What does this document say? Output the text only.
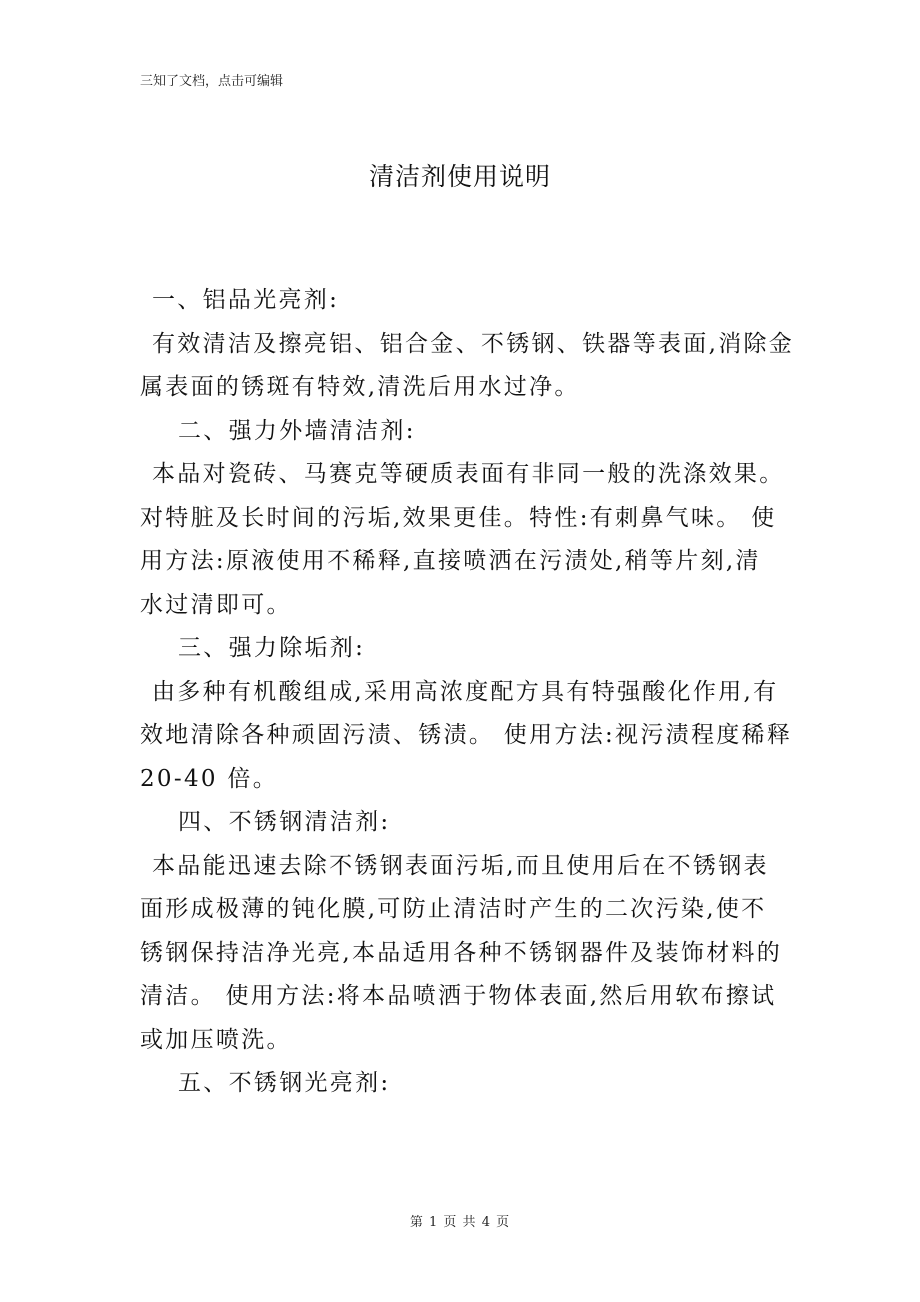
三知了文档，点击可编辑
清洁剂使用说明

一、铝品光亮剂:

有效清洁及擦亮铝、铝合金、不锈钢、铁器等表面,消除金

属表面的锈斑有特效,清洗后用水过净。

二、强力外墙清洁剂:

本品对瓷砖、马赛克等硬质表面有非同一般的洗涤效果。

对特脏及长时间的污垢,效果更佳。特性:有刺鼻气味。 使

用方法:原液使用不稀释,直接喷洒在污渍处,稍等片刻,清

水过清即可。

三、强力除垢剂:

由多种有机酸组成,采用高浓度配方具有特强酸化作用,有

效地清除各种顽固污渍、锈渍。 使用方法:视污渍程度稀释

20-40 倍。

四、不锈钢清洁剂:

本品能迅速去除不锈钢表面污垢,而且使用后在不锈钢表

面形成极薄的钝化膜,可防止清洁时产生的二次污染,使不

锈钢保持洁净光亮,本品适用各种不锈钢器件及装饰材料的

清洁。 使用方法:将本品喷洒于物体表面,然后用软布擦试

或加压喷洗。

五、不锈钢光亮剂:

第 1 页 共 4 页
